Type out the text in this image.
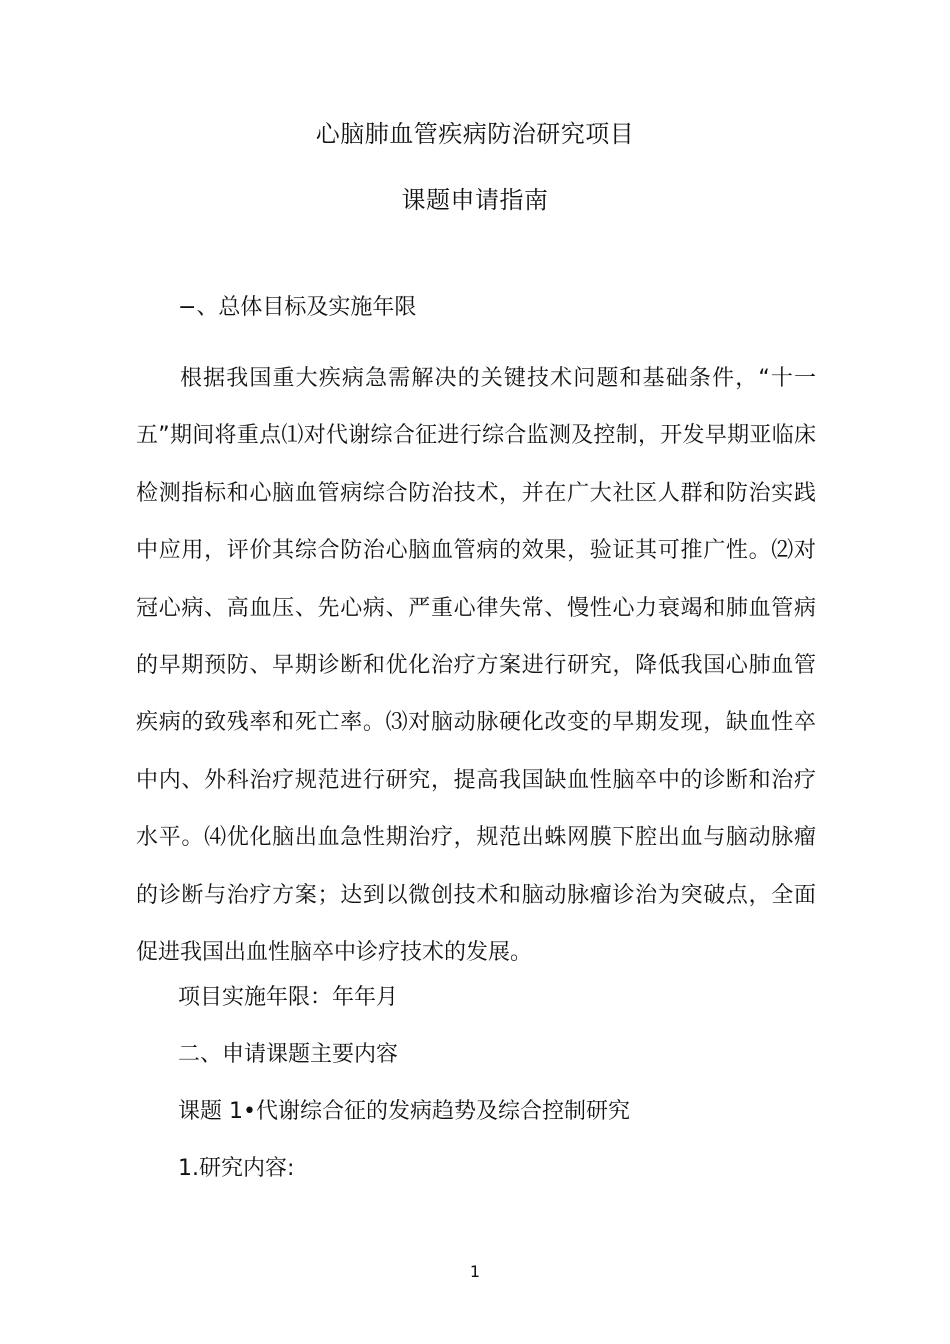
心脑肺血管疾病防治研究项目
课题申请指南
−、总体目标及实施年限
根据我国重大疾病急需解决的关键技术问题和基础条件，“十一五”期间将重点⑴对代谢综合征进行综合监测及控制，开发早期亚临床检测指标和心脑血管病综合防治技术，并在广大社区人群和防治实践中应用，评价其综合防治心脑血管病的效果，验证其可推广性。⑵对冠心病、高血压、先心病、严重心律失常、慢性心力衰竭和肺血管病的早期预防、早期诊断和优化治疗方案进行研究，降低我国心肺血管疾病的致残率和死亡率。⑶对脑动脉硬化改变的早期发现，缺血性卒中内、外科治疗规范进行研究，提高我国缺血性脑卒中的诊断和治疗水平。⑷优化脑出血急性期治疗，规范出蛛网膜下腔出血与脑动脉瘤的诊断与治疗方案；达到以微创技术和脑动脉瘤诊治为突破点，全面促进我国出血性脑卒中诊疗技术的发展。
项目实施年限：年年月
二、申请课题主要内容
课题 1•代谢综合征的发病趋势及综合控制研究
1.研究内容:
1
